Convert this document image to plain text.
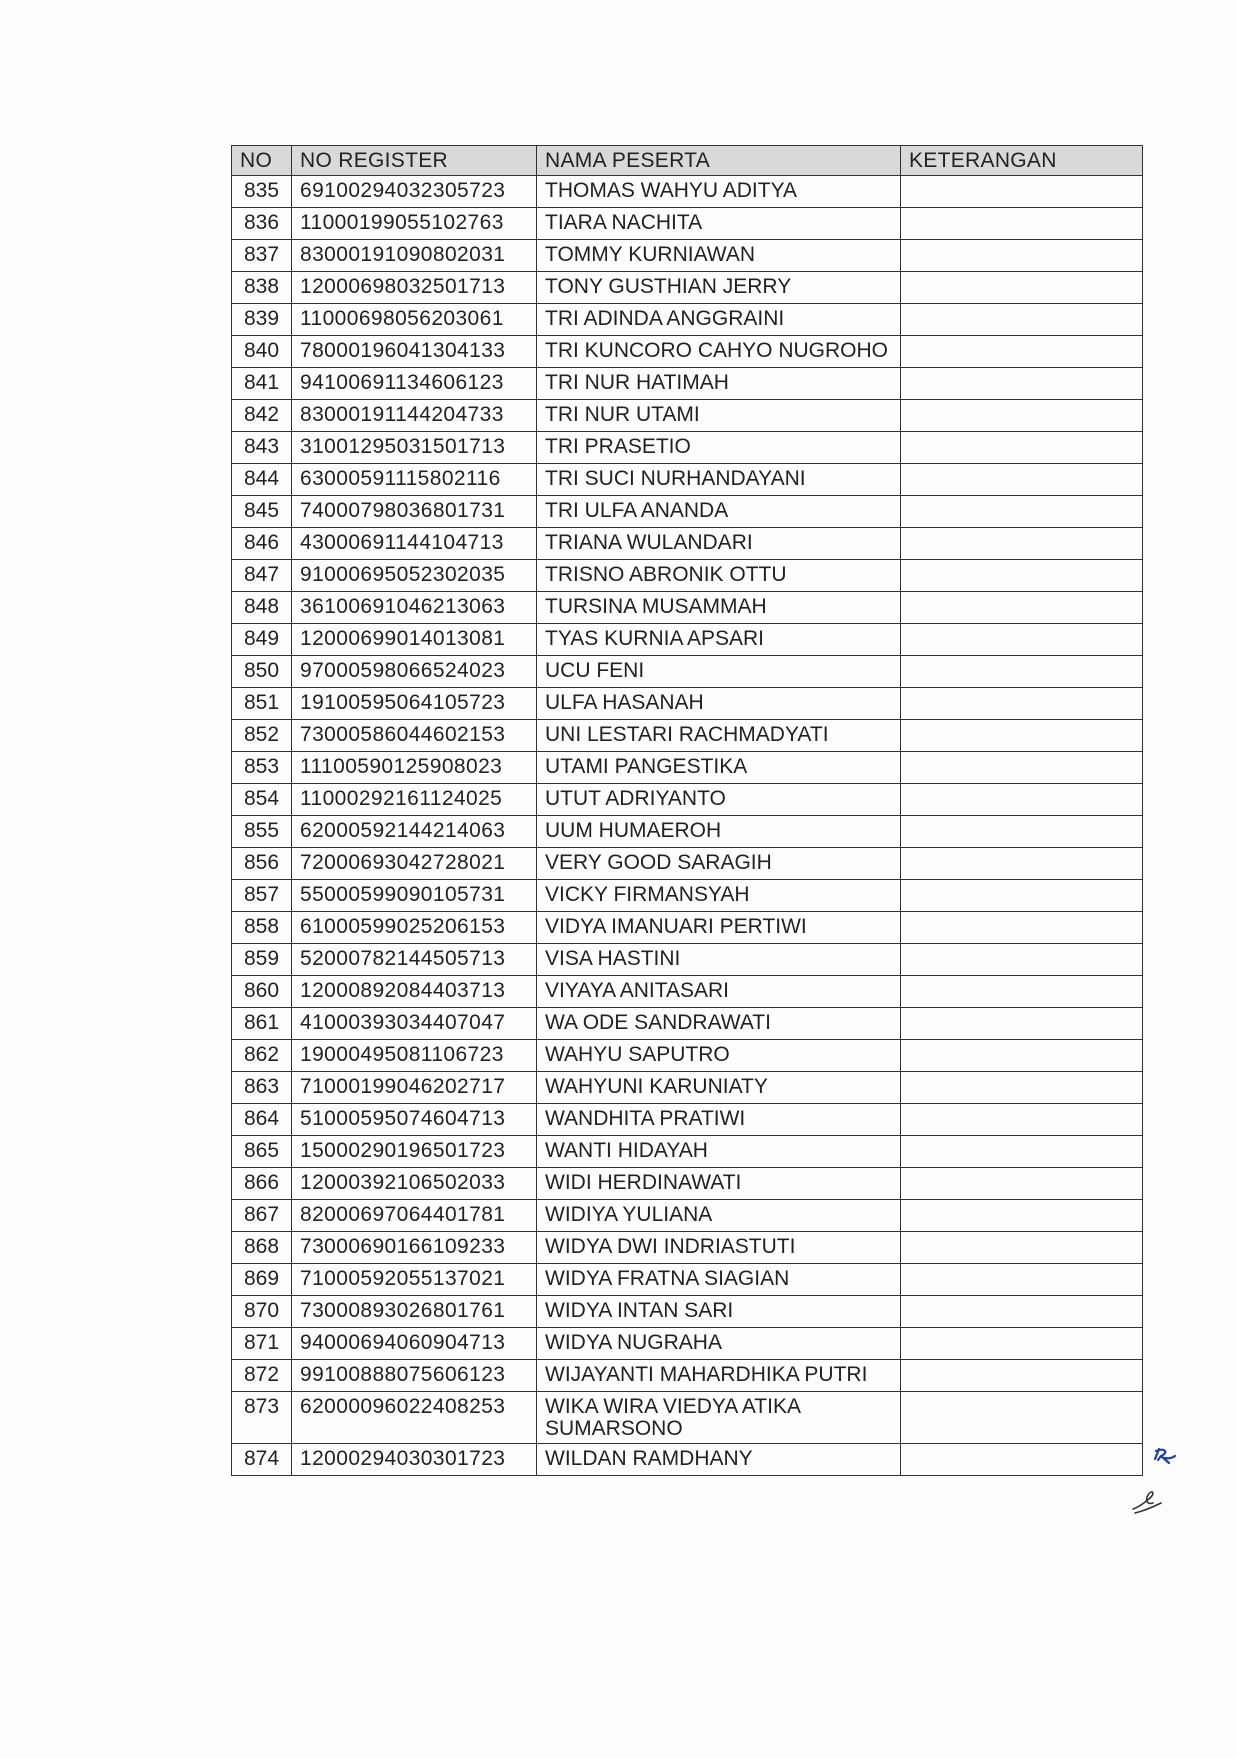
NO	NO REGISTER	NAMA PESERTA	KETERANGAN
835	69100294032305723	THOMAS WAHYU ADITYA	
836	11000199055102763	TIARA NACHITA	
837	83000191090802031	TOMMY KURNIAWAN	
838	12000698032501713	TONY GUSTHIAN JERRY	
839	11000698056203061	TRI ADINDA ANGGRAINI	
840	78000196041304133	TRI KUNCORO CAHYO NUGROHO	
841	94100691134606123	TRI NUR HATIMAH	
842	83000191144204733	TRI NUR UTAMI	
843	31001295031501713	TRI PRASETIO	
844	63000591115802116	TRI SUCI NURHANDAYANI	
845	74000798036801731	TRI ULFA ANANDA	
846	43000691144104713	TRIANA WULANDARI	
847	91000695052302035	TRISNO ABRONIK OTTU	
848	36100691046213063	TURSINA MUSAMMAH	
849	12000699014013081	TYAS KURNIA APSARI	
850	97000598066524023	UCU FENI	
851	19100595064105723	ULFA HASANAH	
852	73000586044602153	UNI LESTARI RACHMADYATI	
853	11100590125908023	UTAMI PANGESTIKA	
854	11000292161124025	UTUT ADRIYANTO	
855	62000592144214063	UUM HUMAEROH	
856	72000693042728021	VERY GOOD SARAGIH	
857	55000599090105731	VICKY FIRMANSYAH	
858	61000599025206153	VIDYA IMANUARI PERTIWI	
859	52000782144505713	VISA HASTINI	
860	12000892084403713	VIYAYA ANITASARI	
861	41000393034407047	WA ODE SANDRAWATI	
862	19000495081106723	WAHYU SAPUTRO	
863	71000199046202717	WAHYUNI KARUNIATY	
864	51000595074604713	WANDHITA PRATIWI	
865	15000290196501723	WANTI HIDAYAH	
866	12000392106502033	WIDI HERDINAWATI	
867	82000697064401781	WIDIYA YULIANA	
868	73000690166109233	WIDYA DWI INDRIASTUTI	
869	71000592055137021	WIDYA FRATNA SIAGIAN	
870	73000893026801761	WIDYA INTAN SARI	
871	94000694060904713	WIDYA NUGRAHA	
872	99100888075606123	WIJAYANTI MAHARDHIKA PUTRI	
873	62000096022408253	WIKA WIRA VIEDYA ATIKA SUMARSONO	
874	12000294030301723	WILDAN RAMDHANY	
